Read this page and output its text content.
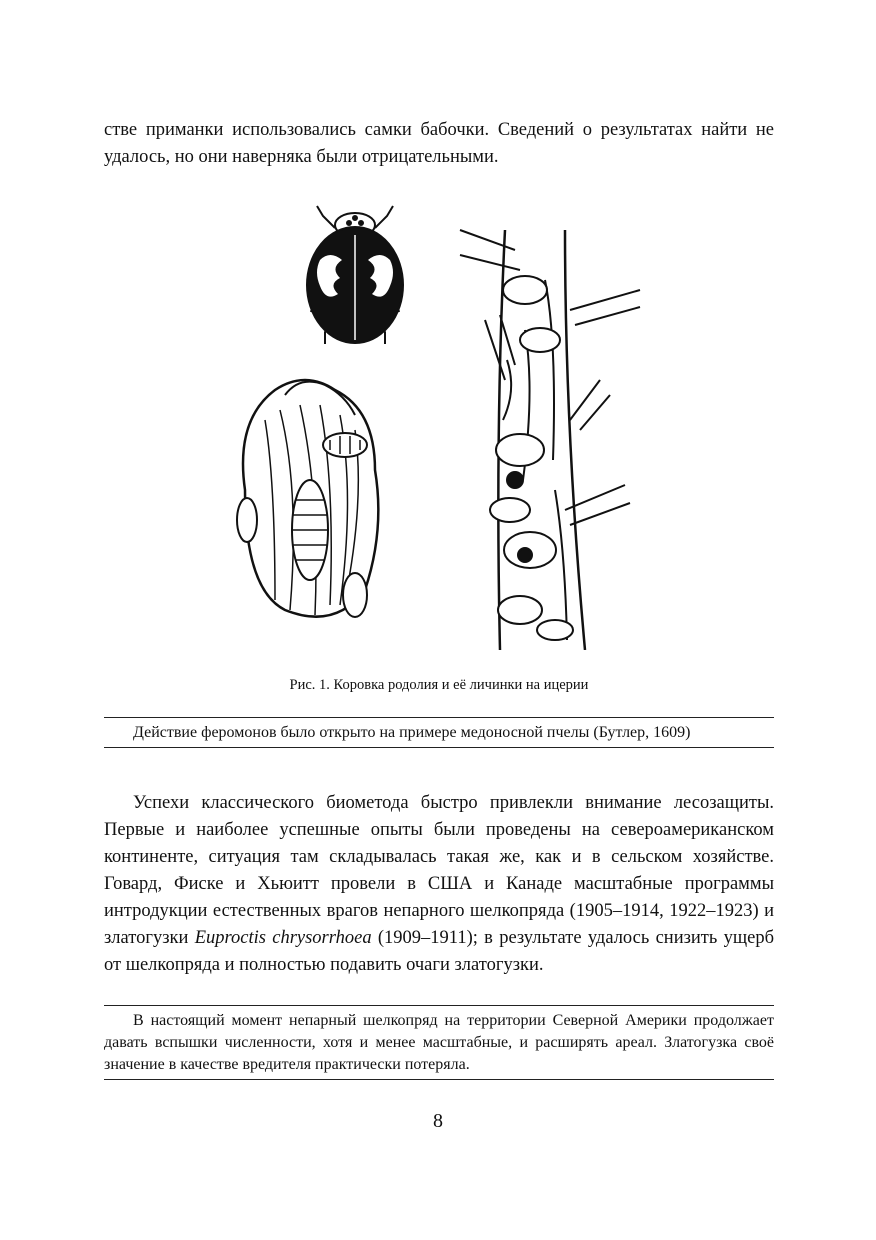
стве приманки использовались самки бабочки. Сведений о результатах найти не удалось, но они наверняка были отрицательными.

Рис. 1. Коровка родолия и её личинки на ицерии

Действие феромонов было открыто на примере медоносной пчелы (Бутлер, 1609)

Успехи классического биометода быстро привлекли внимание лесозащиты. Первые и наиболее успешные опыты были проведены на североамериканском континенте, ситуация там складывалась такая же, как и в сельском хозяйстве. Говард, Фиске и Хьюитт провели в США и Канаде масштабные программы интродукции естественных врагов непарного шелкопряда (1905–1914, 1922–1923) и златогузки Euproctis chrysorrhoea (1909–1911); в результате удалось снизить ущерб от шелкопряда и полностью подавить очаги златогузки.

В настоящий момент непарный шелкопряд на территории Северной Америки продолжает давать вспышки численности, хотя и менее масштабные, и расширять ареал. Златогузка своё значение в качестве вредителя практически потеряла.

8
